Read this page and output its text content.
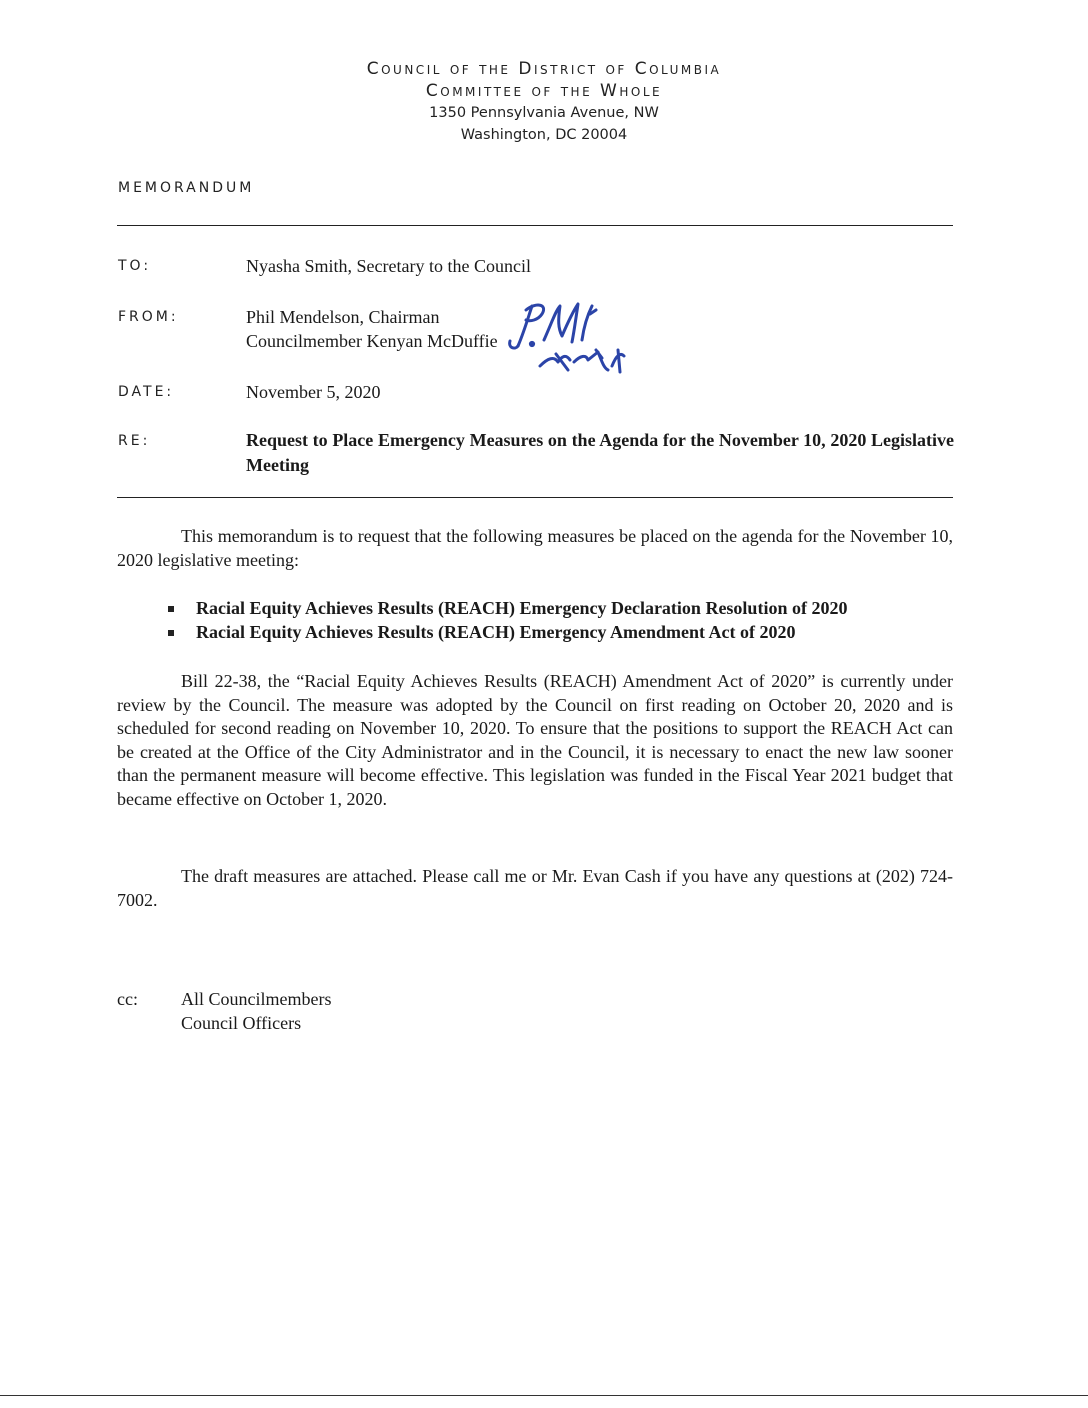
Council of the District of Columbia
Committee of the Whole
1350 Pennsylvania Avenue, NW
Washington, DC 20004
MEMORANDUM
TO:	Nyasha Smith, Secretary to the Council
FROM:	Phil Mendelson, Chairman
Councilmember Kenyan McDuffie
DATE:	November 5, 2020
RE:	Request to Place Emergency Measures on the Agenda for the November 10, 2020 Legislative Meeting
This memorandum is to request that the following measures be placed on the agenda for the November 10, 2020 legislative meeting:
Racial Equity Achieves Results (REACH) Emergency Declaration Resolution of 2020
Racial Equity Achieves Results (REACH) Emergency Amendment Act of 2020
Bill 22-38, the “Racial Equity Achieves Results (REACH) Amendment Act of 2020” is currently under review by the Council. The measure was adopted by the Council on first reading on October 20, 2020 and is scheduled for second reading on November 10, 2020. To ensure that the positions to support the REACH Act can be created at the Office of the City Administrator and in the Council, it is necessary to enact the new law sooner than the permanent measure will become effective. This legislation was funded in the Fiscal Year 2021 budget that became effective on October 1, 2020.
The draft measures are attached. Please call me or Mr. Evan Cash if you have any questions at (202) 724-7002.
cc: All Councilmembers
Council Officers
